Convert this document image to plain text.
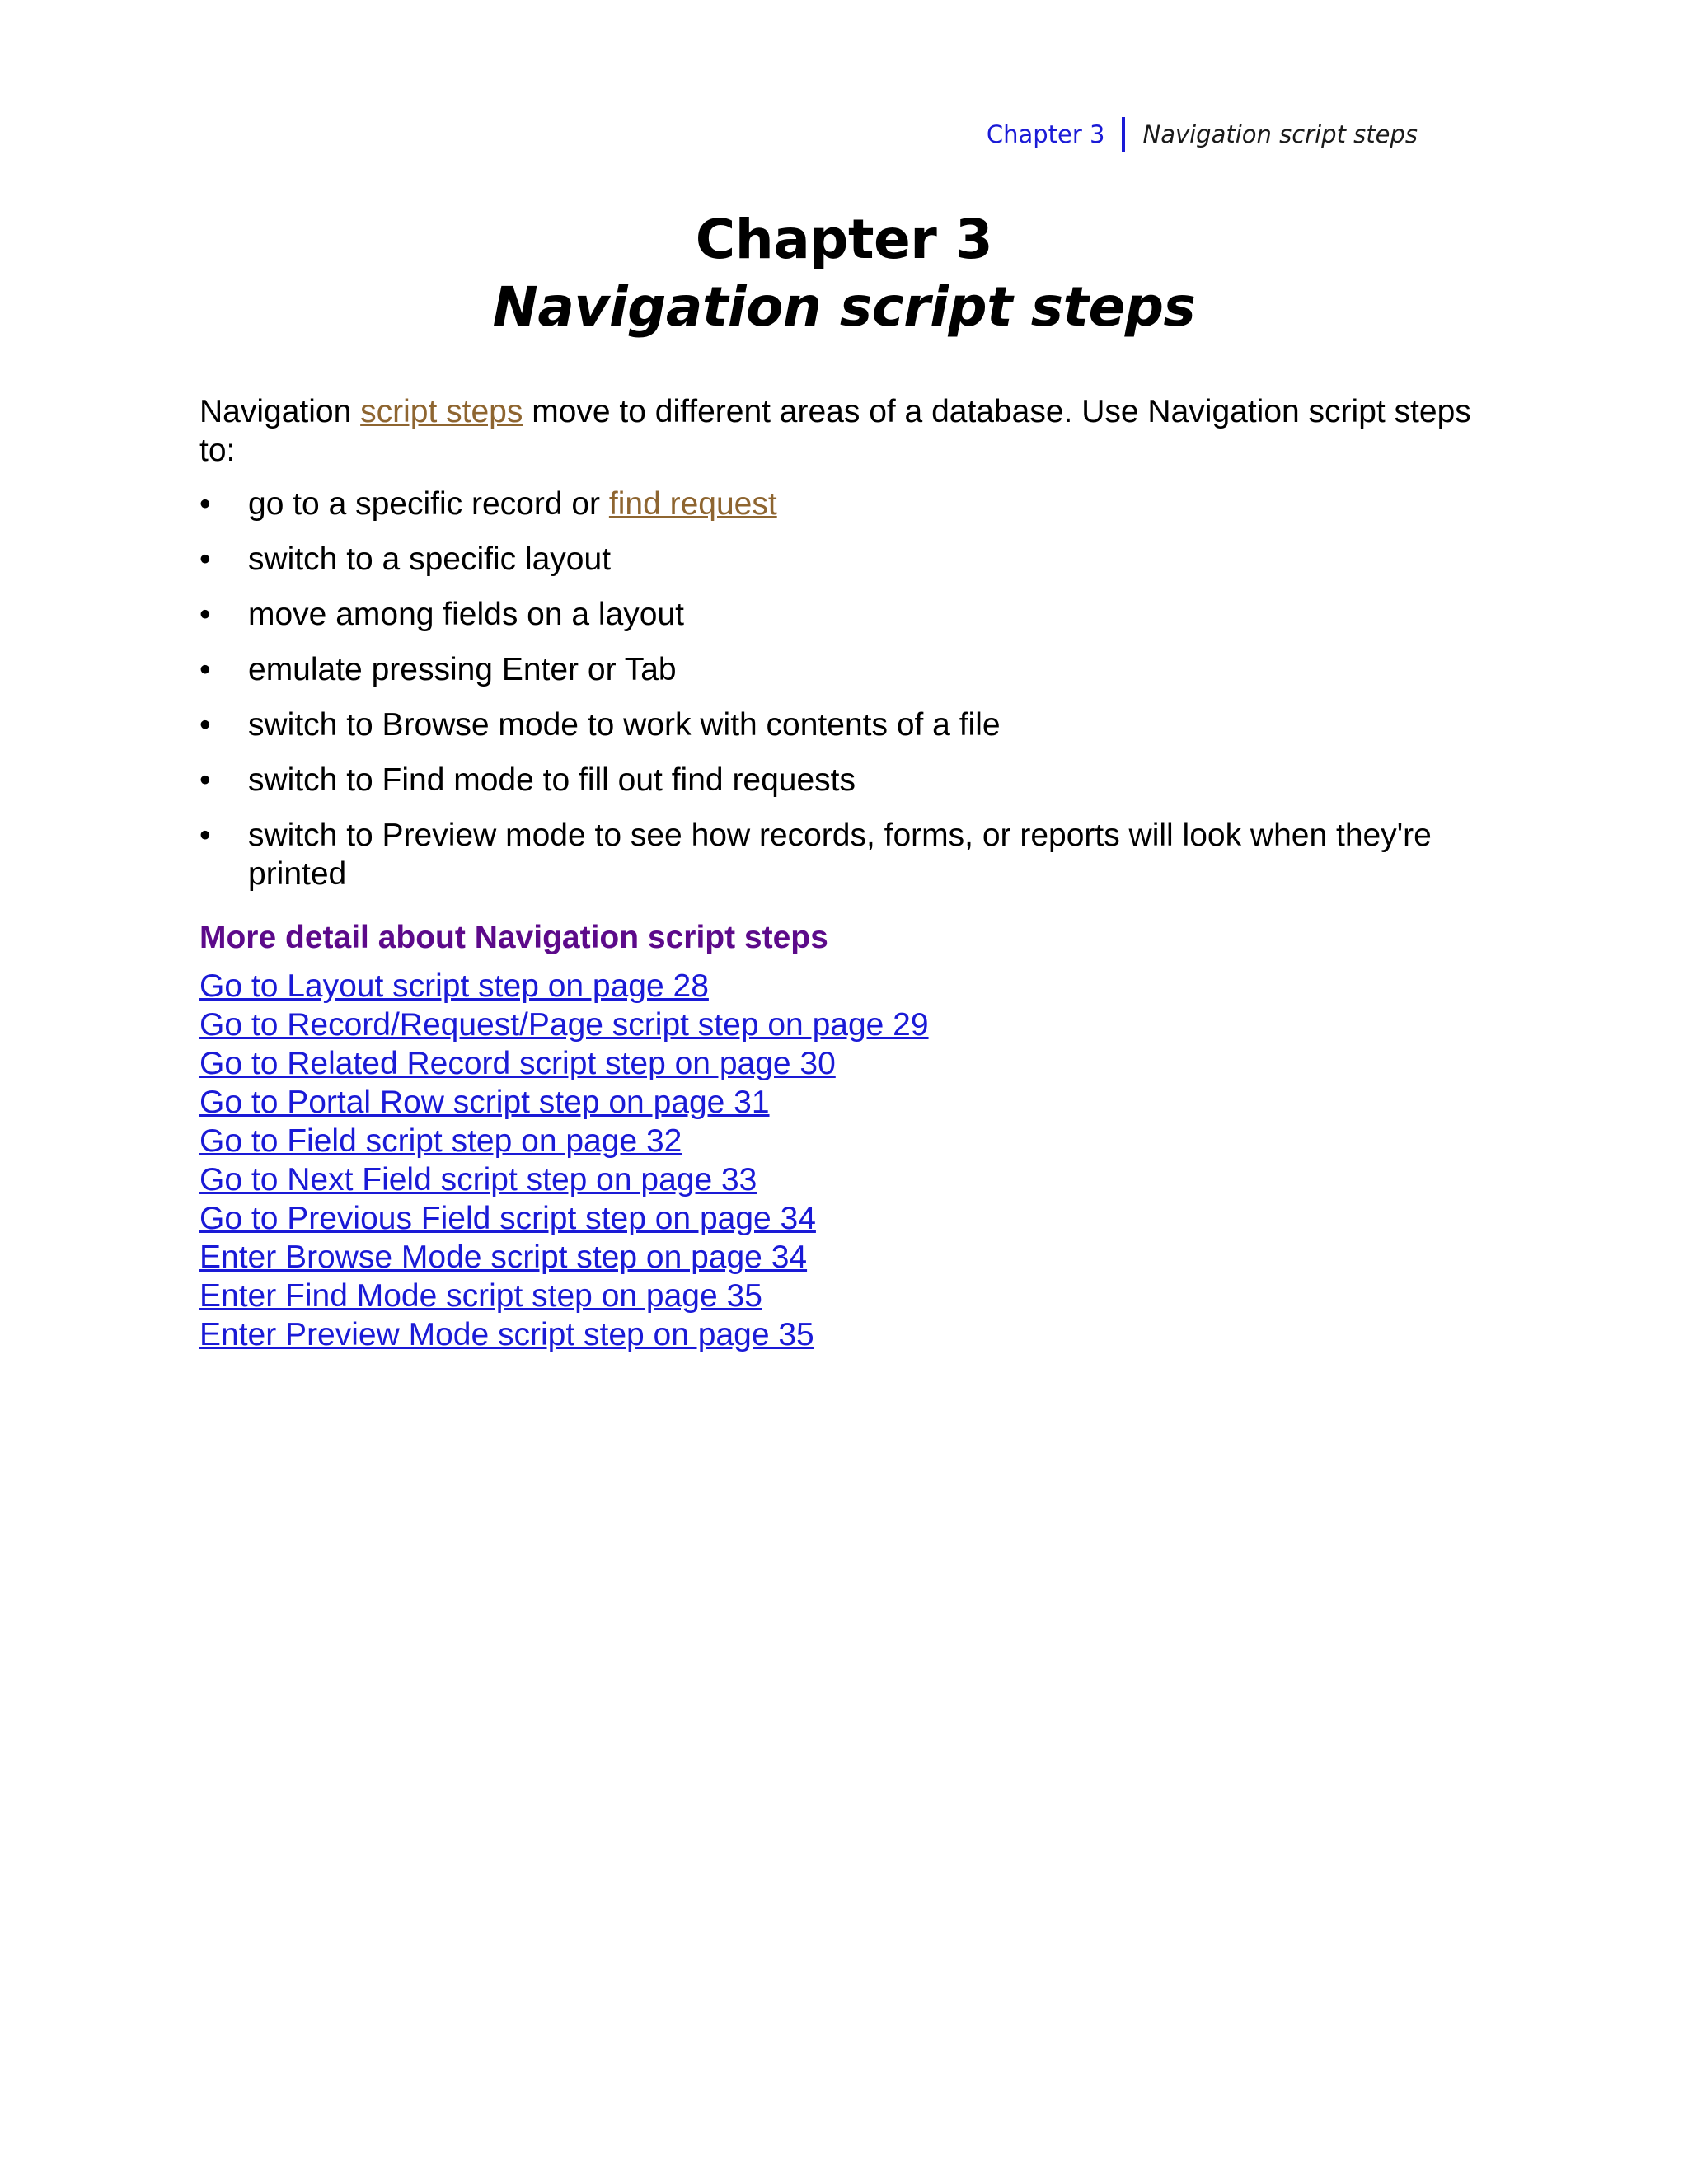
Chapter 3 Navigation script steps
Chapter 3
Navigation script steps

Navigation script steps move to different areas of a database. Use Navigation script steps to:

• go to a specific record or find request
• switch to a specific layout
• move among fields on a layout
• emulate pressing Enter or Tab
• switch to Browse mode to work with contents of a file
• switch to Find mode to fill out find requests
• switch to Preview mode to see how records, forms, or reports will look when they're printed
More detail about Navigation script steps
Go to Layout script step on page 28
Go to Record/Request/Page script step on page 29
Go to Related Record script step on page 30
Go to Portal Row script step on page 31
Go to Field script step on page 32
Go to Next Field script step on page 33
Go to Previous Field script step on page 34
Enter Browse Mode script step on page 34
Enter Find Mode script step on page 35
Enter Preview Mode script step on page 35
